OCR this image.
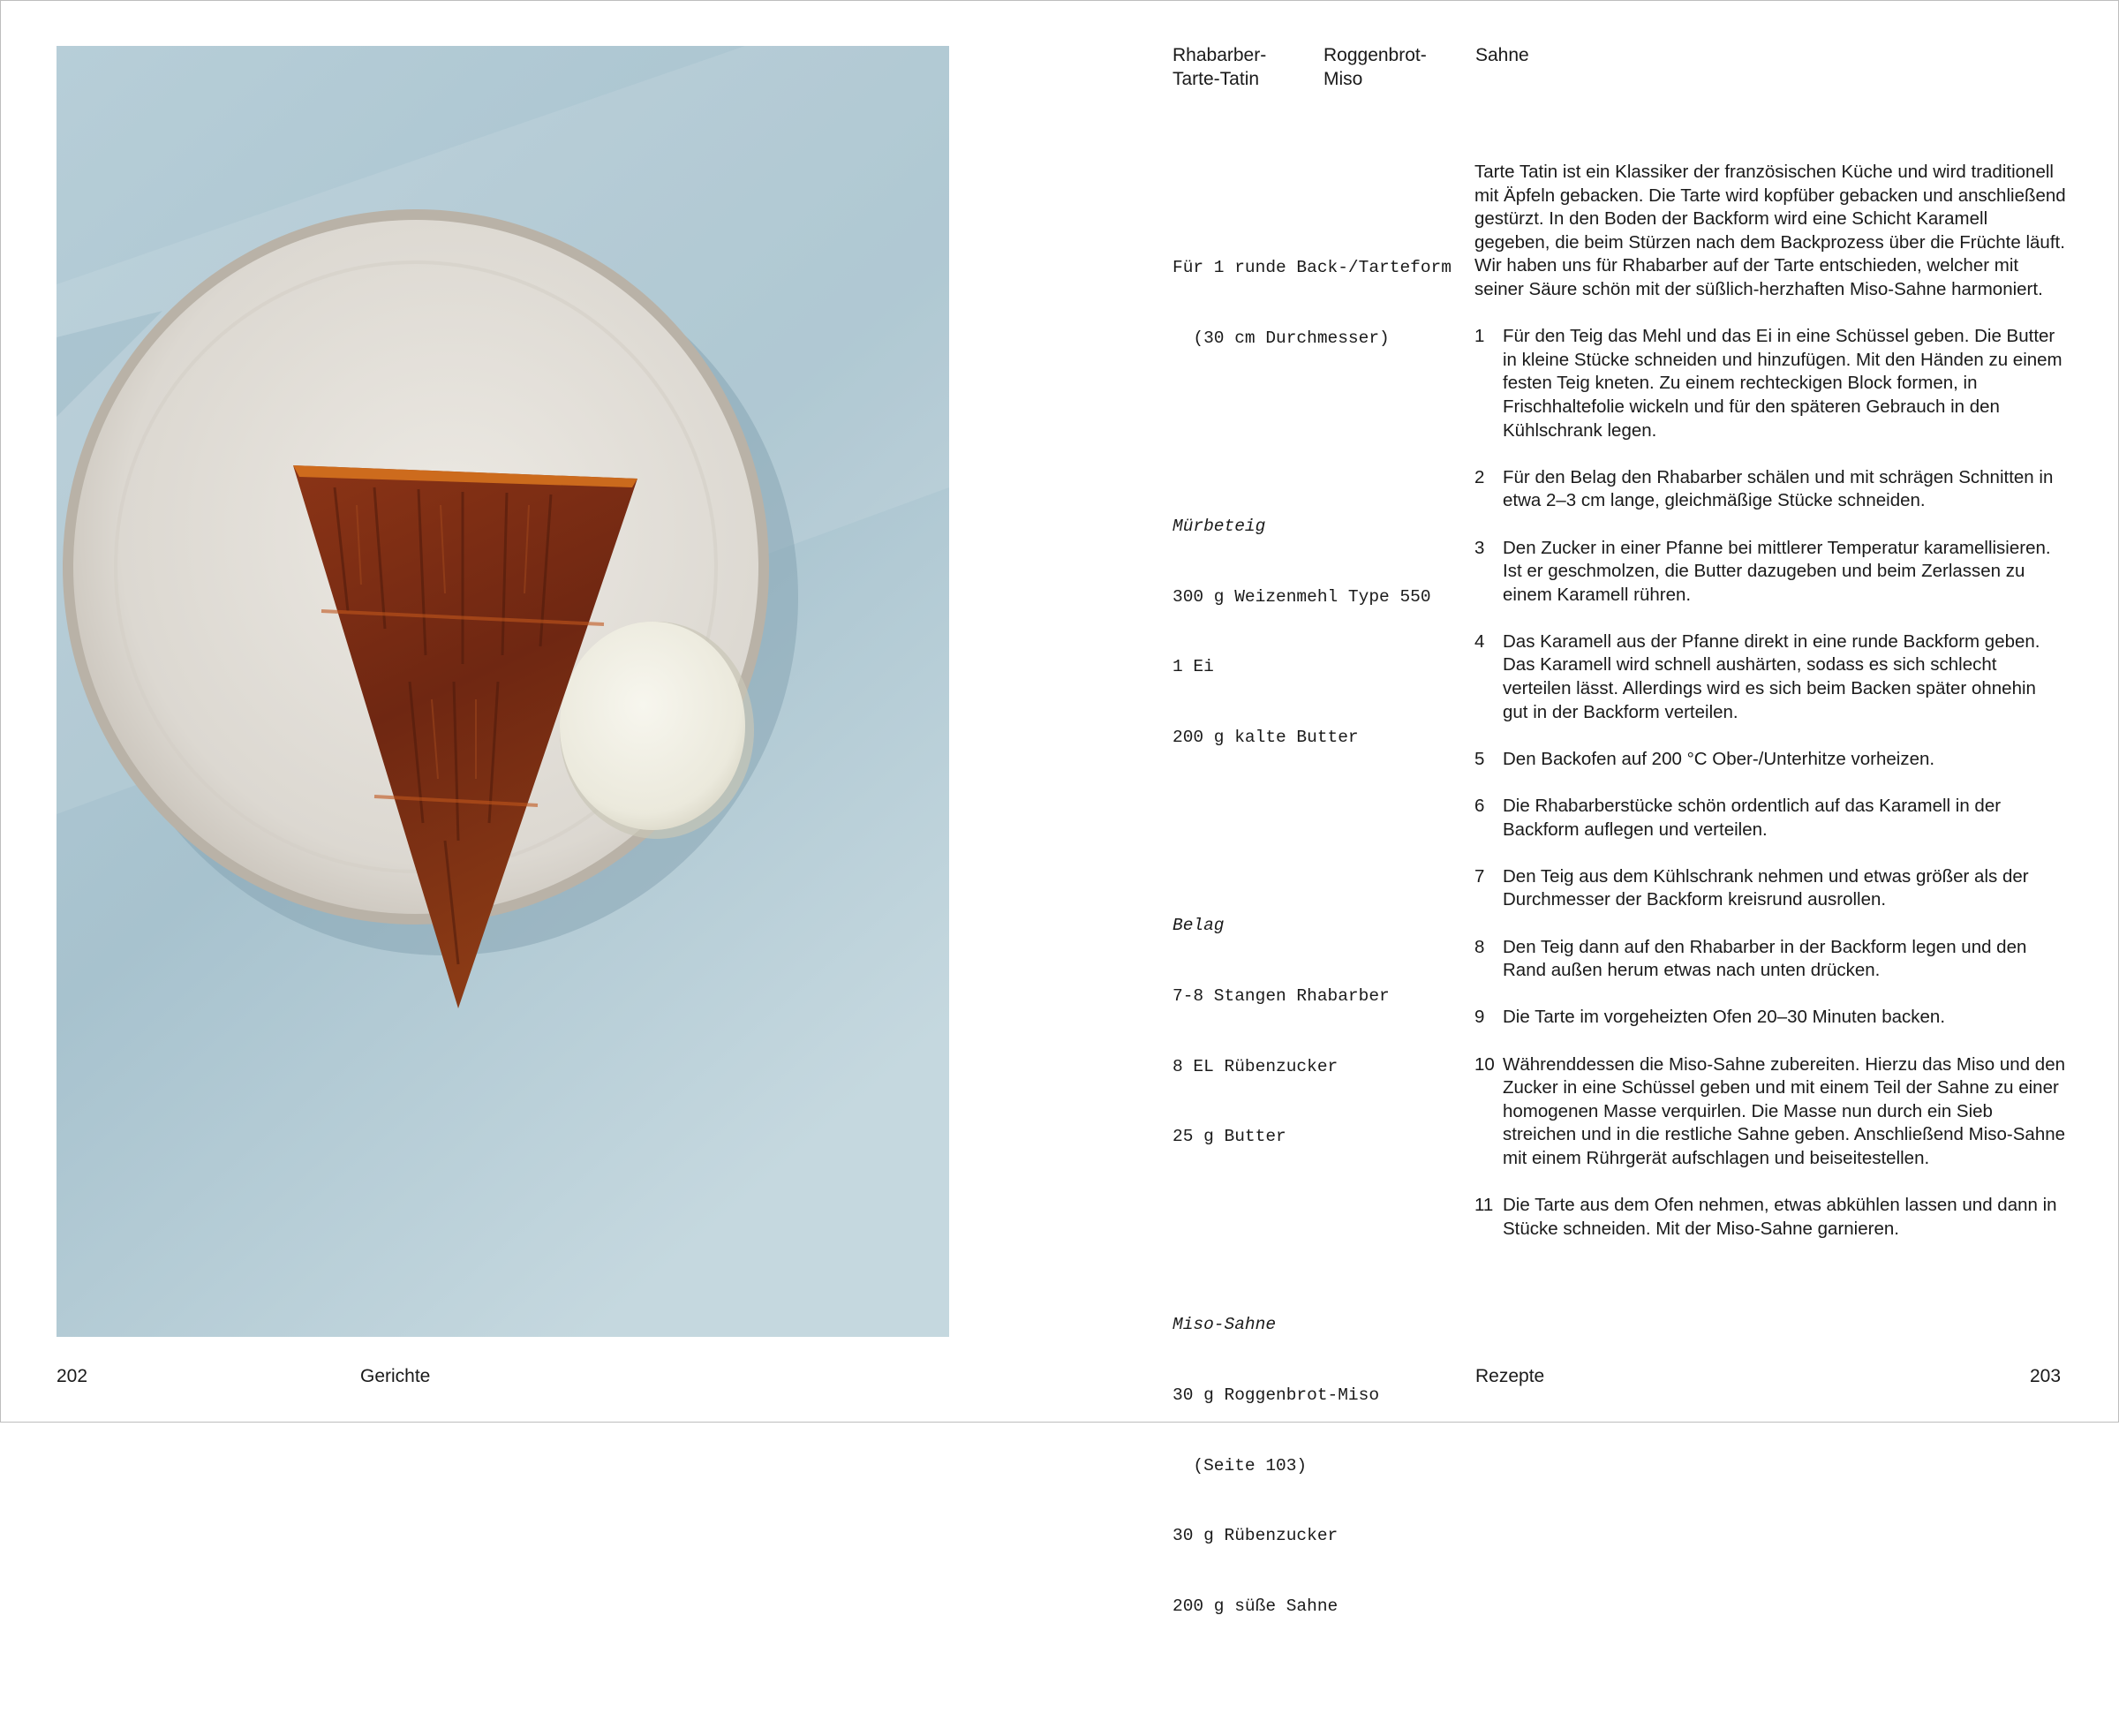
Rhabarber-
Tarte-Tatin
Roggenbrot-
Miso
Sahne

Für 1 runde Back-/Tarteform

(30 cm Durchmesser)

Mürbeteig

300 g Weizenmehl Type 550

1 Ei

200 g kalte Butter

Belag

7-8 Stangen Rhabarber

8 EL Rübenzucker

25 g Butter

Miso-Sahne

30 g Roggenbrot-Miso

(Seite 103)

30 g Rübenzucker

200 g süße Sahne

Tarte Tatin ist ein Klassiker der französischen Küche und wird traditionell mit Äpfeln gebacken. Die Tarte wird kopfüber gebacken und anschließend gestürzt. In den Boden der Backform wird eine Schicht Karamell gegeben, die beim Stürzen nach dem Backprozess über die Früchte läuft. Wir haben uns für Rhabarber auf der Tarte entschieden, welcher mit seiner Säure schön mit der süßlich-herzhaften Miso-Sahne harmoniert.

1	Für den Teig das Mehl und das Ei in eine Schüssel geben. Die Butter in kleine Stücke schneiden und hinzufügen. Mit den Händen zu einem festen Teig kneten. Zu einem rechteckigen Block formen, in Frischhaltefolie wickeln und für den späteren Gebrauch in den Kühlschrank legen.
2	Für den Belag den Rhabarber schälen und mit schrägen Schnitten in etwa 2–3 cm lange, gleichmäßige Stücke schneiden.
3	Den Zucker in einer Pfanne bei mittlerer Temperatur karamellisieren. Ist er geschmolzen, die Butter dazugeben und beim Zerlassen zu einem Karamell rühren.
4	Das Karamell aus der Pfanne direkt in eine runde Backform geben. Das Karamell wird schnell aushärten, sodass es sich schlecht verteilen lässt. Allerdings wird es sich beim Backen später ohnehin gut in der Backform verteilen.
5	Den Backofen auf 200 °C Ober-/Unterhitze vorheizen.
6	Die Rhabarberstücke schön ordentlich auf das Karamell in der Backform auflegen und verteilen.
7	Den Teig aus dem Kühlschrank nehmen und etwas größer als der Durchmesser der Backform kreisrund ausrollen.
8	Den Teig dann auf den Rhabarber in der Backform legen und den Rand außen herum etwas nach unten drücken.
9	Die Tarte im vorgeheizten Ofen 20–30 Minuten backen.
10 Währenddessen die Miso-Sahne zubereiten. Hierzu das Miso und den Zucker in eine Schüssel geben und mit einem Teil der Sahne zu einer homogenen Masse verquirlen. Die Masse nun durch ein Sieb streichen und in die restliche Sahne geben. Anschließend Miso-Sahne mit einem Rührgerät aufschlagen und beiseitestellen.
11 Die Tarte aus dem Ofen nehmen, etwas abkühlen lassen und dann in Stücke schneiden. Mit der Miso-Sahne garnieren.
202	Gerichte	Rezepte	203
